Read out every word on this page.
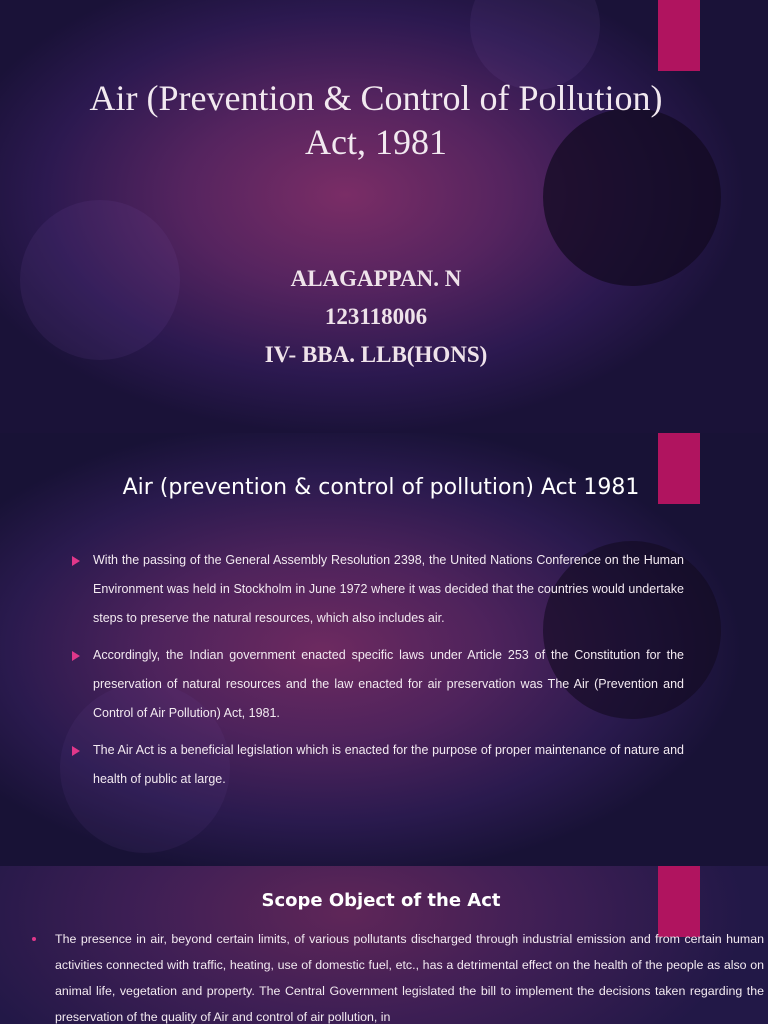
Air (Prevention & Control of Pollution) Act, 1981
ALAGAPPAN. N
123118006
IV- BBA. LLB(HONS)
Air (prevention & control of pollution) Act 1981
With the passing of the General Assembly Resolution 2398, the United Nations Conference on the Human Environment was held in Stockholm in June 1972 where it was decided that the countries would undertake steps to preserve the natural resources, which also includes air.
Accordingly, the Indian government enacted specific laws under Article 253 of the Constitution for the preservation of natural resources and the law enacted for air preservation was The Air (Prevention and Control of Air Pollution) Act, 1981.
The Air Act is a beneficial legislation which is enacted for the purpose of proper maintenance of nature and health of public at large.
Scope Object of the Act
The presence in air, beyond certain limits, of various pollutants discharged through industrial emission and from certain human activities connected with traffic, heating, use of domestic fuel, etc., has a detrimental effect on the health of the people as also on animal life, vegetation and property. The Central Government legislated the bill to implement the decisions taken regarding the preservation of the quality of Air and control of air pollution, in
